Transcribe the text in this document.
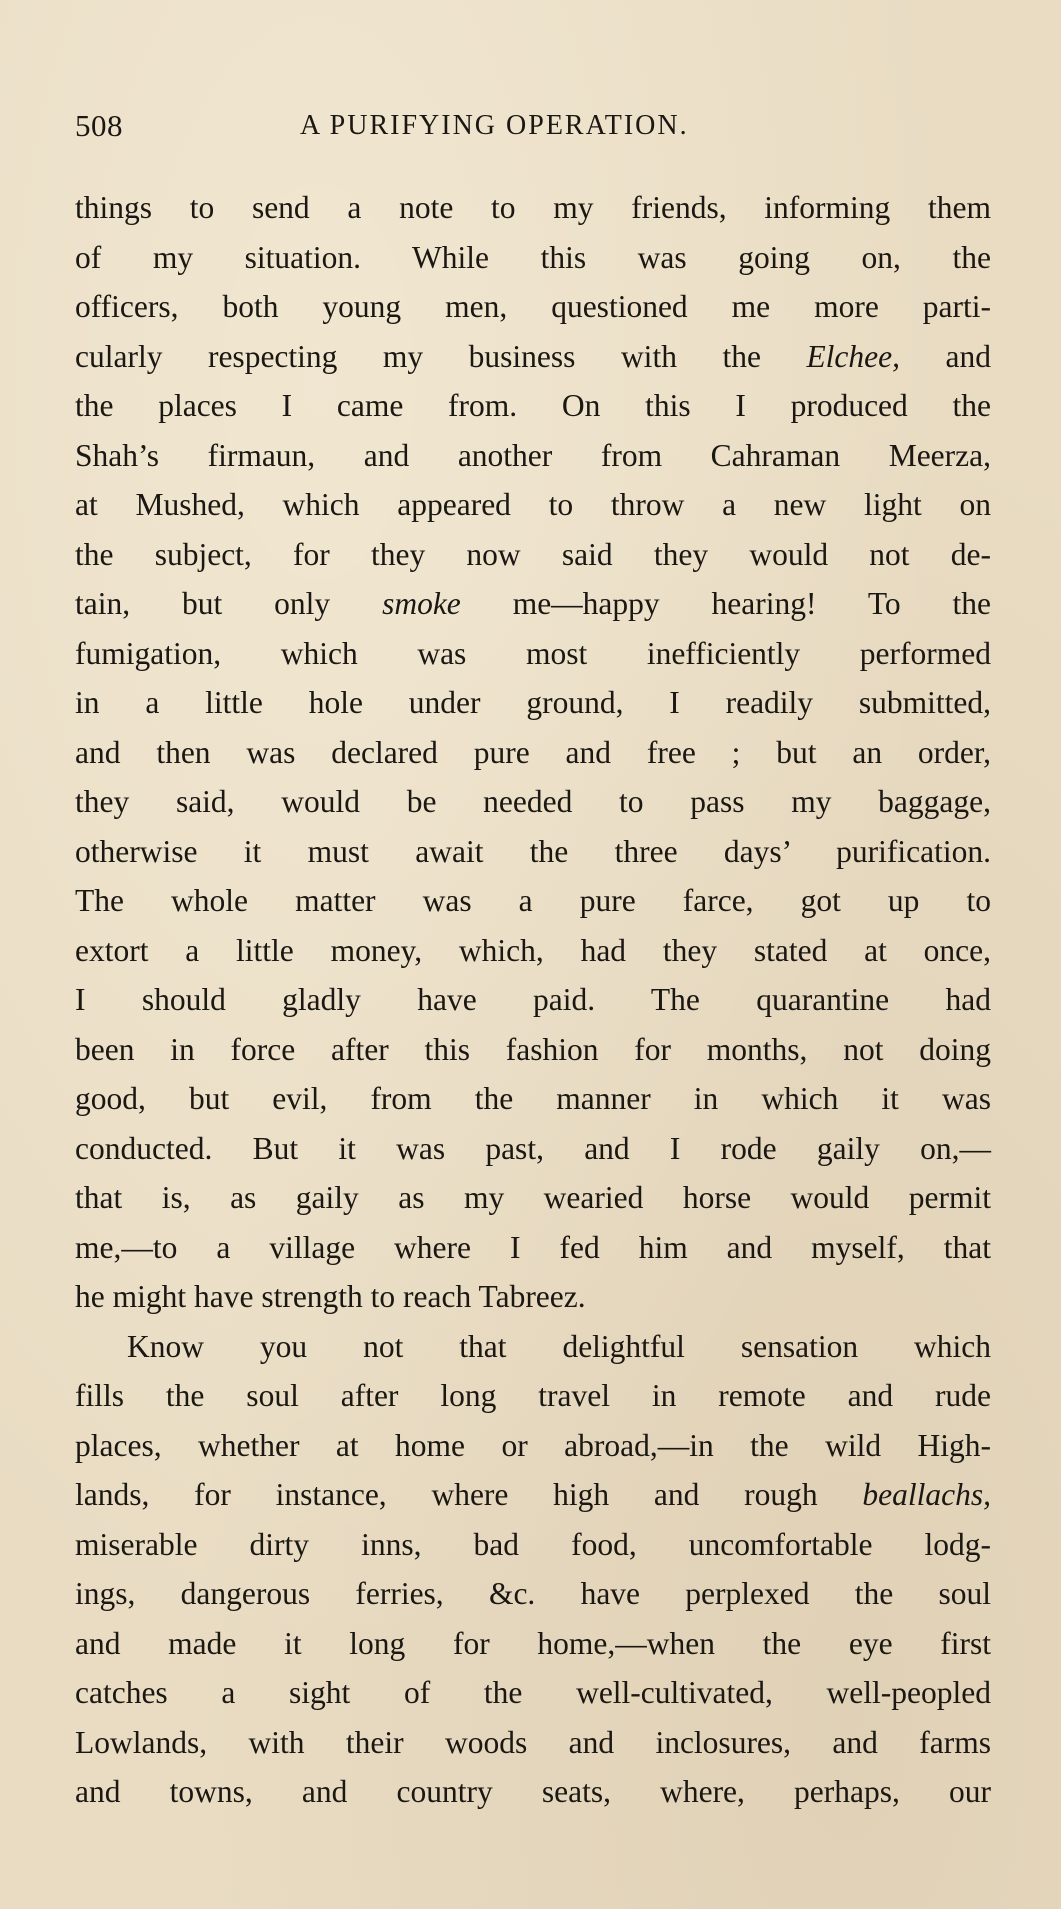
508	A PURIFYING OPERATION.
things to send a note to my friends, informing them
of my situation. While this was going on, the
officers, both young men, questioned me more parti-
cularly respecting my business with the Elchee, and
the places I came from. On this I produced the
Shah’s firmaun, and another from Cahraman Meerza,
at Mushed, which appeared to throw a new light on
the subject, for they now said they would not de-
tain, but only smoke me—happy hearing! To the
fumigation, which was most inefficiently performed
in a little hole under ground, I readily submitted,
and then was declared pure and free ; but an order,
they said, would be needed to pass my baggage,
otherwise it must await the three days’ purification.
The whole matter was a pure farce, got up to
extort a little money, which, had they stated at once,
I should gladly have paid. The quarantine had
been in force after this fashion for months, not doing
good, but evil, from the manner in which it was
conducted. But it was past, and I rode gaily on,—
that is, as gaily as my wearied horse would permit
me,—to a village where I fed him and myself, that
he might have strength to reach Tabreez.
Know you not that delightful sensation which
fills the soul after long travel in remote and rude
places, whether at home or abroad,—in the wild High-
lands, for instance, where high and rough beallachs,
miserable dirty inns, bad food, uncomfortable lodg-
ings, dangerous ferries, &c. have perplexed the soul
and made it long for home,—when the eye first
catches a sight of the well-cultivated, well-peopled
Lowlands, with their woods and inclosures, and farms
and towns, and country seats, where, perhaps, our
